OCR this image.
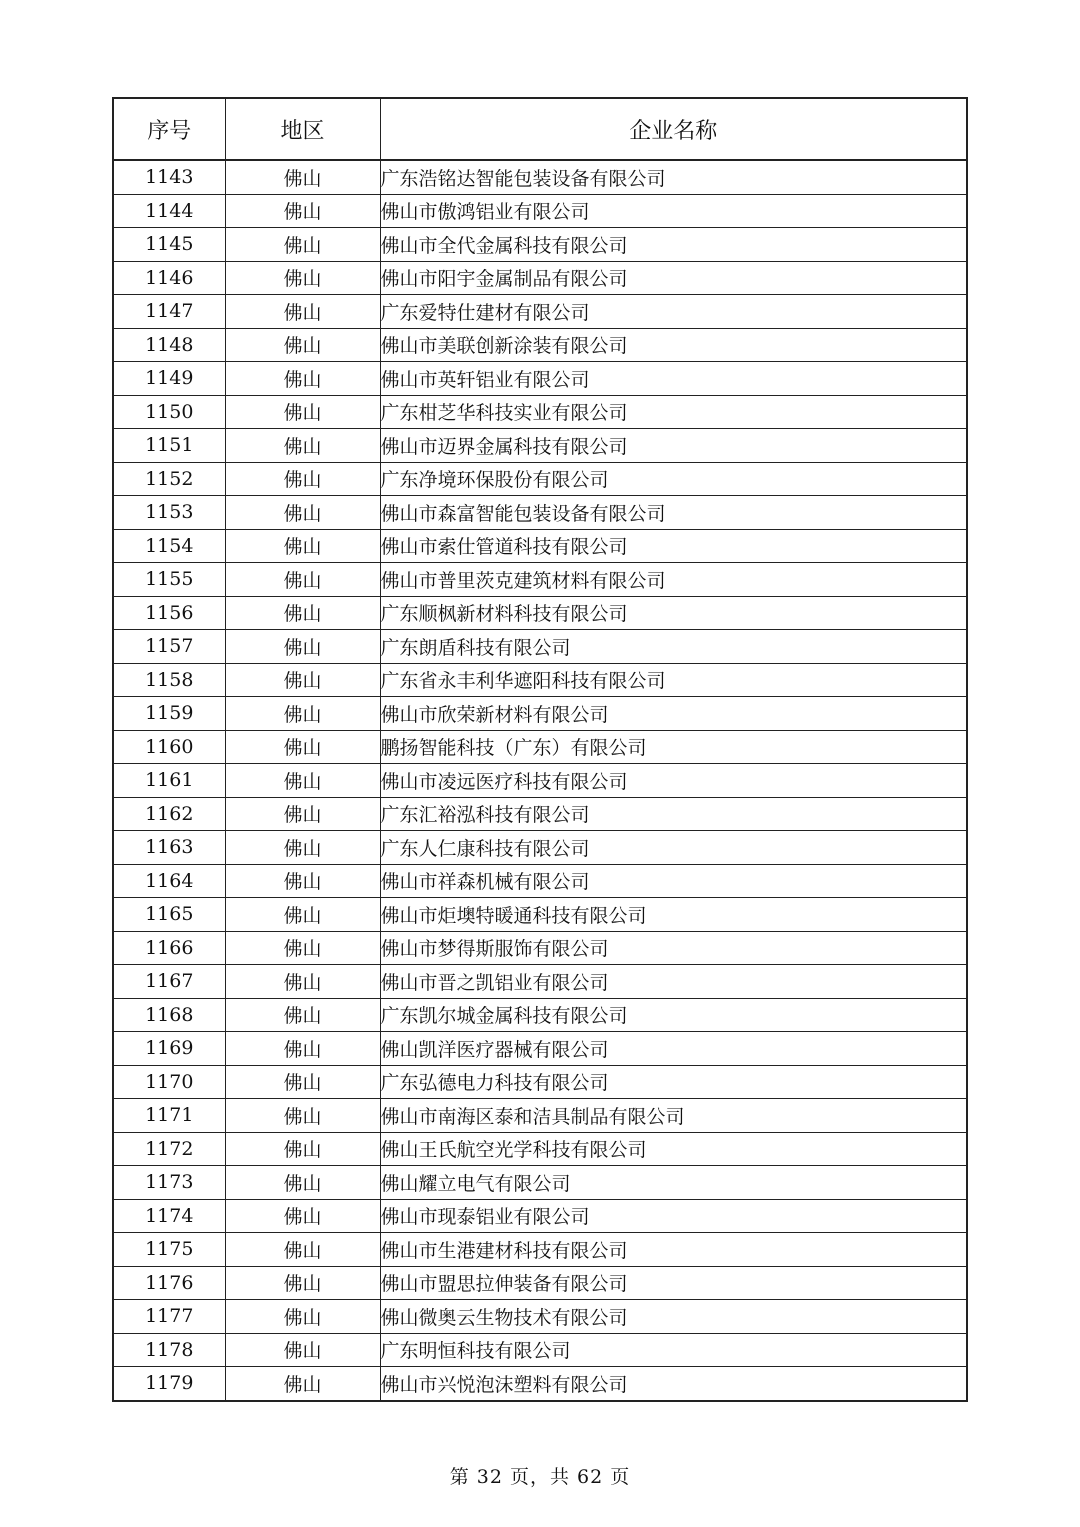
序号	地区	企业名称
1143	佛山	广东浩铭达智能包装设备有限公司
1144	佛山	佛山市傲鸿铝业有限公司
1145	佛山	佛山市全代金属科技有限公司
1146	佛山	佛山市阳宇金属制品有限公司
1147	佛山	广东爱特仕建材有限公司
1148	佛山	佛山市美联创新涂装有限公司
1149	佛山	佛山市英轩铝业有限公司
1150	佛山	广东柑芝华科技实业有限公司
1151	佛山	佛山市迈界金属科技有限公司
1152	佛山	广东净境环保股份有限公司
1153	佛山	佛山市森富智能包装设备有限公司
1154	佛山	佛山市索仕管道科技有限公司
1155	佛山	佛山市普里茨克建筑材料有限公司
1156	佛山	广东顺枫新材料科技有限公司
1157	佛山	广东朗盾科技有限公司
1158	佛山	广东省永丰利华遮阳科技有限公司
1159	佛山	佛山市欣荣新材料有限公司
1160	佛山	鹏扬智能科技（广东）有限公司
1161	佛山	佛山市凌远医疗科技有限公司
1162	佛山	广东汇裕泓科技有限公司
1163	佛山	广东人仁康科技有限公司
1164	佛山	佛山市祥森机械有限公司
1165	佛山	佛山市炬墺特暖通科技有限公司
1166	佛山	佛山市梦得斯服饰有限公司
1167	佛山	佛山市晋之凯铝业有限公司
1168	佛山	广东凯尔城金属科技有限公司
1169	佛山	佛山凯洋医疗器械有限公司
1170	佛山	广东弘德电力科技有限公司
1171	佛山	佛山市南海区泰和洁具制品有限公司
1172	佛山	佛山王氏航空光学科技有限公司
1173	佛山	佛山耀立电气有限公司
1174	佛山	佛山市现泰铝业有限公司
1175	佛山	佛山市生港建材科技有限公司
1176	佛山	佛山市盟思拉伸装备有限公司
1177	佛山	佛山微奥云生物技术有限公司
1178	佛山	广东明恒科技有限公司
1179	佛山	佛山市兴悦泡沫塑料有限公司
第 32 页，共 62 页
